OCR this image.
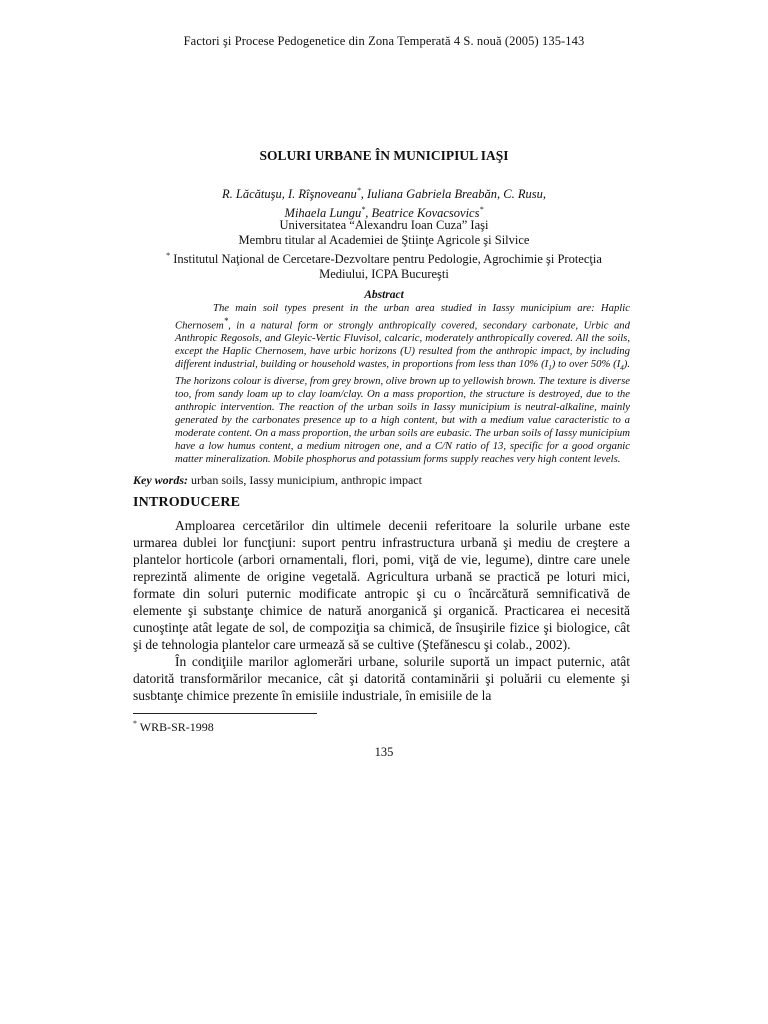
Factori şi Procese Pedogenetice din Zona Temperată 4 S. nouă (2005) 135-143
SOLURI URBANE ÎN MUNICIPIUL IAŞI
R. Lăcătuşu, I. Rîşnoveanu*, Iuliana Gabriela Breabăn, C. Rusu,
Mihaela Lungu*, Beatrice Kovacsovics*
Universitatea “Alexandru Ioan Cuza” Iaşi
Membru titular al Academiei de Ştiinţe Agricole şi Silvice
* Institutul Naţional de Cercetare-Dezvoltare pentru Pedologie, Agrochimie şi Protecţia Mediului, ICPA Bucureşti
Abstract
The main soil types present in the urban area studied in Iassy municipium are: Haplic Chernosem*, in a natural form or strongly anthropically covered, secondary carbonate, Urbic and Anthropic Regosols, and Gleyic-Vertic Fluvisol, calcaric, moderately anthropically covered. All the soils, except the Haplic Chernosem, have urbic horizons (U) resulted from the anthropic impact, by including different industrial, building or household wastes, in proportions from less than 10% $(I_1)$ to over 50% $(I_4)$. The horizons colour is diverse, from grey brown, olive brown up to yellowish brown. The texture is diverse too, from sandy loam up to clay loam/clay. On a mass proportion, the structure is destroyed, due to the anthropic intervention. The reaction of the urban soils in Iassy municipium is neutral-alkaline, mainly generated by the carbonates presence up to a high content, but with a medium value caracteristic to a moderate content. On a mass proportion, the urban soils are eubasic. The urban soils of Iassy municipium have a low humus content, a medium nitrogen one, and a C/N ratio of 13, specific for a good organic matter mineralization. Mobile phosphorus and potassium forms supply reaches very high content levels.
Key words: urban soils, Iassy municipium, anthropic impact
INTRODUCERE

Amploarea cercetărilor din ultimele decenii referitoare la solurile urbane este urmarea dublei lor funcţiuni: suport pentru infrastructura urbană şi mediu de creştere a plantelor horticole (arbori ornamentali, flori, pomi, viţă de vie, legume), dintre care unele reprezintă alimente de origine vegetală. Agricultura urbană se practică pe loturi mici, formate din soluri puternic modificate antropic şi cu o încărcătură semnificativă de elemente şi substanţe chimice de natură anorganică şi organică. Practicarea ei necesită cunoştinţe atât legate de sol, de compoziţia sa chimică, de însuşirile fizice şi biologice, cât şi de tehnologia plantelor care urmează să se cultive (Ştefănescu şi colab., 2002).

În condiţiile marilor aglomerări urbane, solurile suportă un impact puternic, atât datorită transformărilor mecanice, cât şi datorită contaminării şi poluării cu elemente şi susbtanţe chimice prezente în emisiile industriale, în emisiile de la

* WRB-SR-1998
135
